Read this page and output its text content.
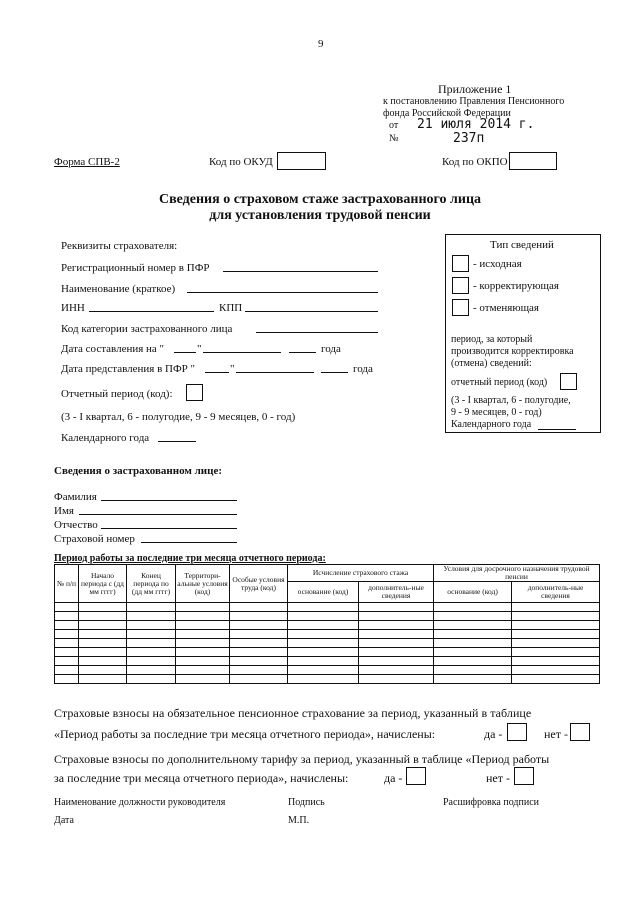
9
Приложение 1
к постановлению Правления Пенсионного
фонда Российской Федерации
от 21 июля 2014 г.
№	237п
Форма СПВ-2	Код по ОКУД	Код по ОКПО
Сведения о страховом стаже застрахованного лица
для установления трудовой пенсии
Реквизиты страхователя:
Регистрационный номер в ПФР
Наименование (краткое)
ИНН	КПП
Код категории застрахованного лица
Дата составления на "	"	года
Дата представления в ПФР "	"	года
Отчетный период (код):
(3 - I квартал, 6 - полугодие, 9 - 9 месяцев, 0 - год)
Календарного года
Тип сведений
- исходная
- корректирующая
- отменяющая
период, за который
производится корректировка
(отмена) сведений:
отчетный период (код)
(3 - I квартал, 6 - полугодие,
9 - 9 месяцев, 0 - год)
Календарного года
Сведения о застрахованном лице:
Фамилия
Имя
Отчество
Страховой номер
Период работы за последние три месяца отчетного периода:
№ п/п	Начало периода с (дд мм гггг)	Конец периода по (дд мм гггг)	Территори-альные условия (код)	Особые условия труда (код)	Исчисление страхового стажа		Условия для досрочного назначения трудовой пенсии	
					основание (код)	дополнитель-ные сведения	основание (код)	дополнитель-ные сведения

Страховые взносы на обязательное пенсионное страхование за период, указанный в таблице
«Период работы за последние три месяца отчетного периода», начислены:	да -	нет -
Страховые взносы по дополнительному тарифу за период, указанный в таблице «Период работы
за последние три месяца отчетного периода», начислены:	да -	нет -
Наименование должности руководителя	Подпись	Расшифровка подписи
Дата	М.П.
